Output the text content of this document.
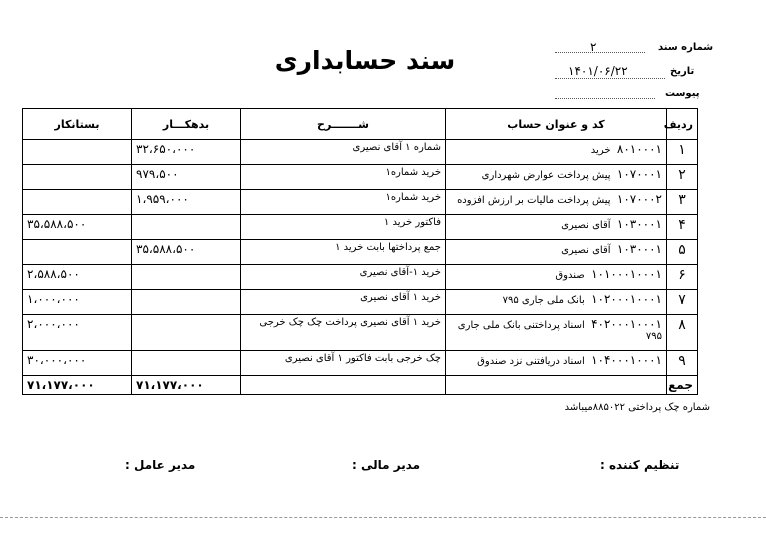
سند حسابداری	شماره سند
۲
تاریخ
۱۴۰۱/۰۶/۲۲
پیوست
ردیف	کد و عنوان حساب	شـــــــرح	بدهکـــار	بستانکار
۱	۸۰۱۰۰۰۱  خرید	شماره ۱ آقای نصیری	۳۲،۶۵۰،۰۰۰	
۲	۱۰۷۰۰۰۱  پیش پرداخت عوارض شهرداری	خرید شماره۱	۹۷۹،۵۰۰	
۳	۱۰۷۰۰۰۲  پیش پرداخت مالیات بر ارزش افزوده	خرید شماره۱	۱،۹۵۹،۰۰۰	
۴	۱۰۳۰۰۰۱  آقای نصیری	فاکتور خرید ۱		۳۵،۵۸۸،۵۰۰
۵	۱۰۳۰۰۰۱  آقای نصیری	جمع پرداختها بابت خرید ۱	۳۵،۵۸۸،۵۰۰	
۶	۱۰۱۰۰۰۱۰۰۰۱  صندوق	خرید ۱-آقای نصیری		۲،۵۸۸،۵۰۰
۷	۱۰۲۰۰۰۱۰۰۰۱  بانک ملی جاری ۷۹۵	خرید ۱ آقای نصیری		۱،۰۰۰،۰۰۰
۸	۴۰۲۰۰۰۱۰۰۰۱  اسناد پرداختنی بانک ملی جاری ۷۹۵	خرید ۱ آقای نصیری پرداخت چک چک خرجی		۲،۰۰۰،۰۰۰
۹	۱۰۴۰۰۰۱۰۰۰۱  اسناد دریافتنی نزد صندوق	چک خرجی بابت فاکتور ۱ آقای نصیری		۳۰،۰۰۰،۰۰۰
جمع			۷۱،۱۷۷،۰۰۰	۷۱،۱۷۷،۰۰۰
شماره چک پرداختی ۸۸۵۰۲۲میباشد
تنظیم کننده :
مدیر مالی :
مدیر عامل :
